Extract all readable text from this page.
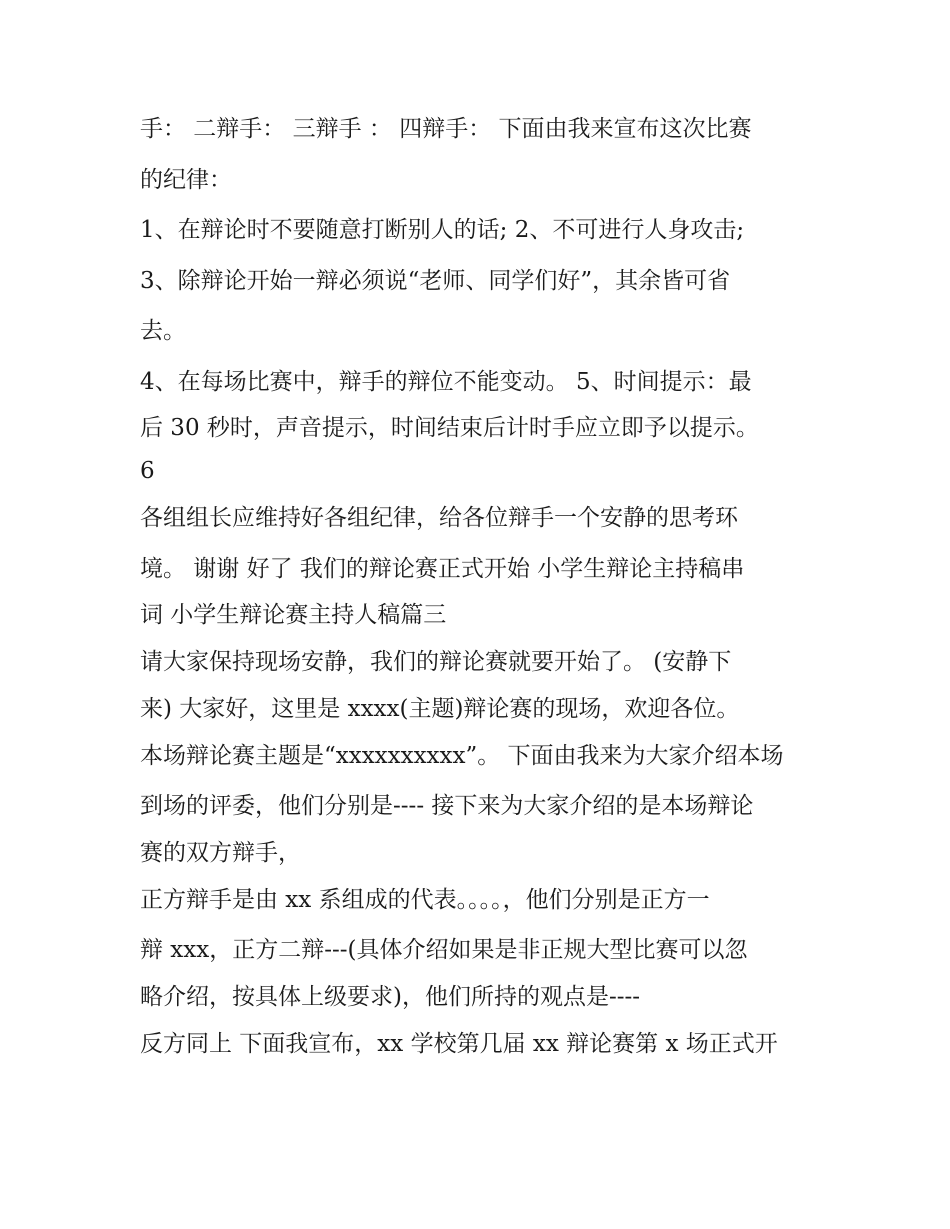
手： 二辩手： 三辩手 ： 四辩手： 下面由我来宣布这次比赛
的纪律：
1、在辩论时不要随意打断别人的话; 2、不可进行人身攻击;
3、除辩论开始一辩必须说“老师、同学们好”，其余皆可省
去。
4、在每场比赛中，辩手的辩位不能变动。 5、时间提示：最
后 30 秒时，声音提示，时间结束后计时手应立即予以提示。
6
各组组长应维持好各组纪律，给各位辩手一个安静的思考环
境。 谢谢 好了 我们的辩论赛正式开始 小学生辩论主持稿串
词 小学生辩论赛主持人稿篇三
请大家保持现场安静，我们的辩论赛就要开始了。 (安静下
来) 大家好，这里是 xxxx(主题)辩论赛的现场，欢迎各位。
本场辩论赛主题是“xxxxxxxxxx”。 下面由我来为大家介绍本场
到场的评委，他们分别是---- 接下来为大家介绍的是本场辩论
赛的双方辩手，
正方辩手是由 xx 系组成的代表。。。。，他们分别是正方一
辩 xxx，正方二辩---(具体介绍如果是非正规大型比赛可以忽
略介绍，按具体上级要求)，他们所持的观点是----
反方同上 下面我宣布，xx 学校第几届 xx 辩论赛第 x 场正式开
